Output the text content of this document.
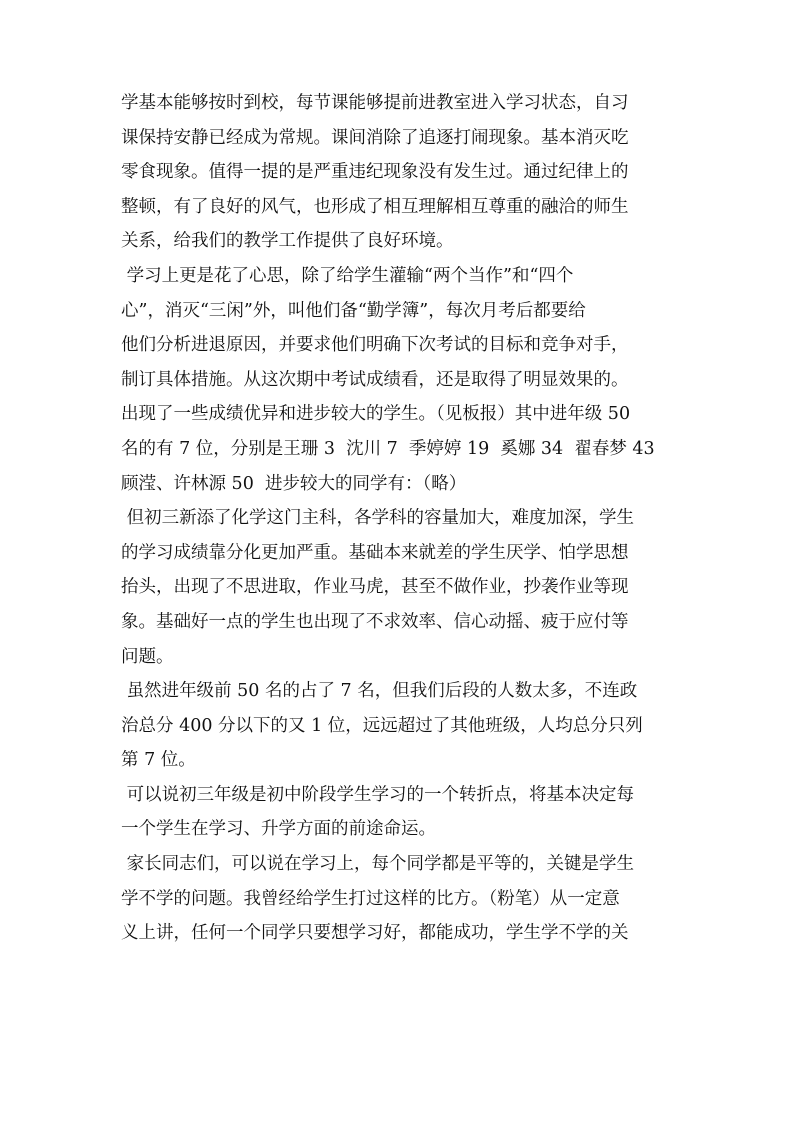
学基本能够按时到校，每节课能够提前进教室进入学习状态，自习
课保持安静已经成为常规。课间消除了追逐打闹现象。基本消灭吃
零食现象。值得一提的是严重违纪现象没有发生过。通过纪律上的
整顿，有了良好的风气，也形成了相互理解相互尊重的融洽的师生
关系，给我们的教学工作提供了良好环境。
学习上更是花了心思，除了给学生灌输“两个当作”和“四个
心”，消灭“三闲”外，叫他们备“勤学簿”，每次月考后都要给
他们分析进退原因，并要求他们明确下次考试的目标和竞争对手，
制订具体措施。从这次期中考试成绩看，还是取得了明显效果的。
出现了一些成绩优异和进步较大的学生。（见板报）其中进年级 50
名的有 7 位，分别是王珊 3  沈川 7  季婷婷 19  奚娜 34  翟春梦 43
顾滢、许林源 50  进步较大的同学有：（略）
但初三新添了化学这门主科，各学科的容量加大，难度加深，学生
的学习成绩靠分化更加严重。基础本来就差的学生厌学、怕学思想
抬头，出现了不思进取，作业马虎，甚至不做作业，抄袭作业等现
象。基础好一点的学生也出现了不求效率、信心动摇、疲于应付等
问题。
虽然进年级前 50 名的占了 7 名，但我们后段的人数太多，不连政
治总分 400 分以下的又 1 位，远远超过了其他班级，人均总分只列
第 7 位。
可以说初三年级是初中阶段学生学习的一个转折点，将基本决定每
一个学生在学习、升学方面的前途命运。
家长同志们，可以说在学习上，每个同学都是平等的，关键是学生
学不学的问题。我曾经给学生打过这样的比方。（粉笔）从一定意
义上讲，任何一个同学只要想学习好，都能成功，学生学不学的关
